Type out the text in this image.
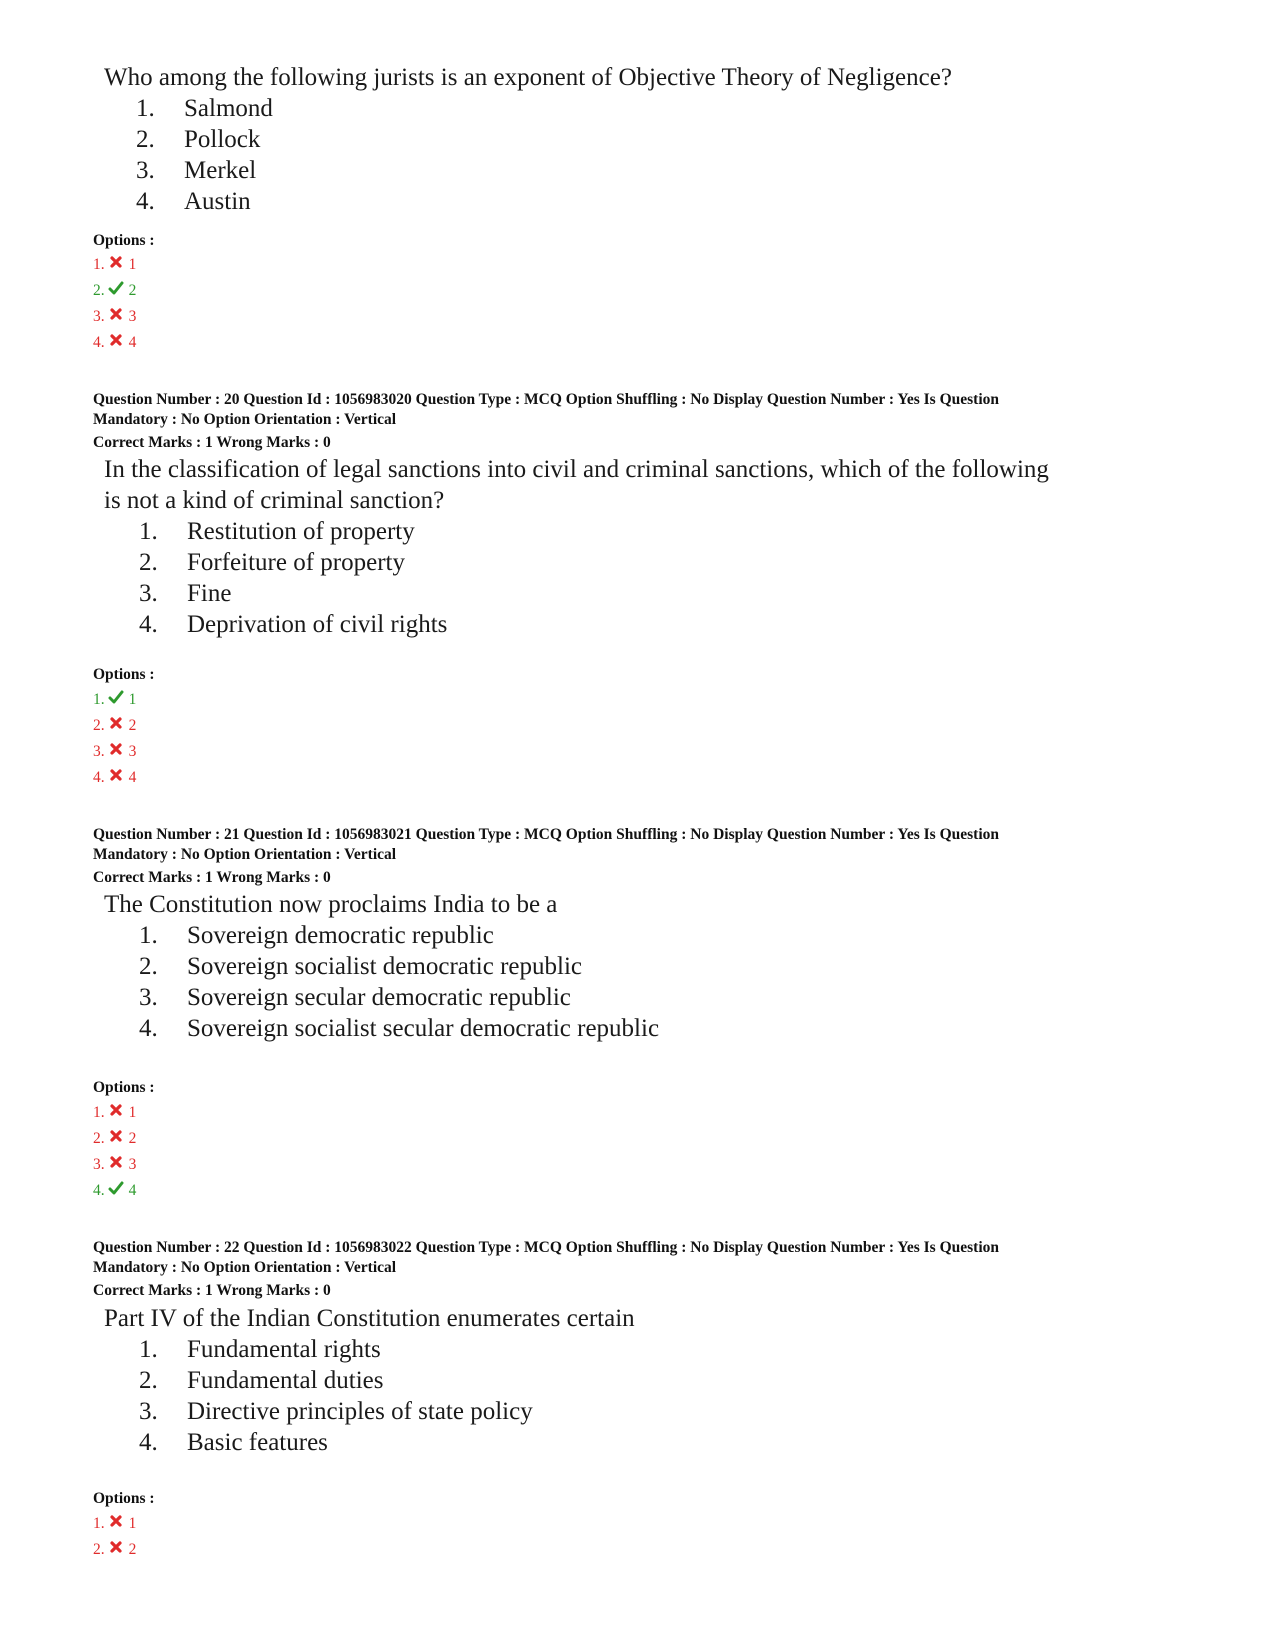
Who among the following jurists is an exponent of Objective Theory of Negligence?
1.	Salmond
2.	Pollock
3.	Merkel
4.	Austin
Options :
1. 1
2. 2
3. 3
4. 4
Question Number : 20 Question Id : 1056983020 Question Type : MCQ Option Shuffling : No Display Question Number : Yes Is Question
Mandatory : No Option Orientation : Vertical
Correct Marks : 1 Wrong Marks : 0
In the classification of legal sanctions into civil and criminal sanctions, which of the following
is not a kind of criminal sanction?
1.	Restitution of property
2.	Forfeiture of property
3.	Fine
4.	Deprivation of civil rights
Options :
1. 1
2. 2
3. 3
4. 4
Question Number : 21 Question Id : 1056983021 Question Type : MCQ Option Shuffling : No Display Question Number : Yes Is Question
Mandatory : No Option Orientation : Vertical
Correct Marks : 1 Wrong Marks : 0
The Constitution now proclaims India to be a
1.	Sovereign democratic republic
2.	Sovereign socialist democratic republic
3.	Sovereign secular democratic republic
4.	Sovereign socialist secular democratic republic
Options :
1. 1
2. 2
3. 3
4. 4
Question Number : 22 Question Id : 1056983022 Question Type : MCQ Option Shuffling : No Display Question Number : Yes Is Question
Mandatory : No Option Orientation : Vertical
Correct Marks : 1 Wrong Marks : 0
Part IV of the Indian Constitution enumerates certain
1.	Fundamental rights
2.	Fundamental duties
3.	Directive principles of state policy
4.	Basic features
Options :
1. 1
2. 2
